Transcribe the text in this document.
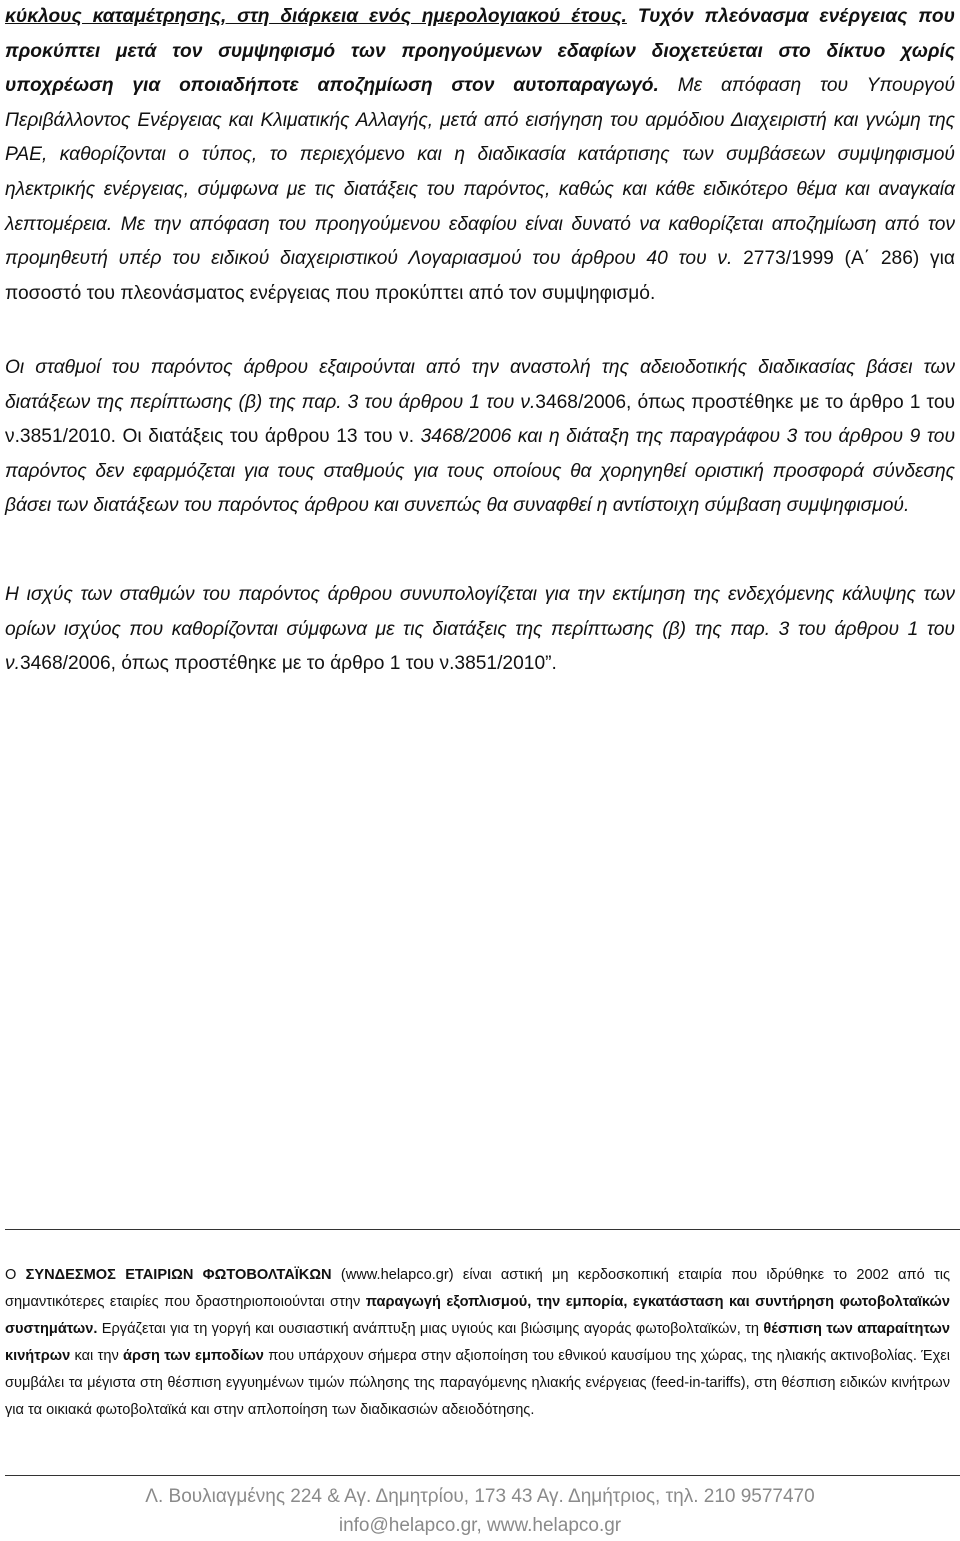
κύκλους καταμέτρησης, στη διάρκεια ενός ημερολογιακού έτους. Τυχόν πλεόνασμα ενέργειας που προκύπτει μετά τον συμψηφισμό των προηγούμενων εδαφίων διοχετεύεται στο δίκτυο χωρίς υποχρέωση για οποιαδήποτε αποζημίωση στον αυτοπαραγωγό. Με απόφαση του Υπουργού Περιβάλλοντος Ενέργειας και Κλιματικής Αλλαγής, μετά από εισήγηση του αρμόδιου Διαχειριστή και γνώμη της ΡΑΕ, καθορίζονται ο τύπος, το περιεχόμενο και η διαδικασία κατάρτισης των συμβάσεων συμψηφισμού ηλεκτρικής ενέργειας, σύμφωνα με τις διατάξεις του παρόντος, καθώς και κάθε ειδικότερο θέμα και αναγκαία λεπτομέρεια. Με την απόφαση του προηγούμενου εδαφίου είναι δυνατό να καθορίζεται αποζημίωση από τον προμηθευτή υπέρ του ειδικού διαχειριστικού Λογαριασμού του άρθρου 40 του ν. 2773/1999 (Α΄ 286) για ποσοστό του πλεονάσματος ενέργειας που προκύπτει από τον συμψηφισμό.

Οι σταθμοί του παρόντος άρθρου εξαιρούνται από την αναστολή της αδειοδοτικής διαδικασίας βάσει των διατάξεων της περίπτωσης (β) της παρ. 3 του άρθρου 1 του ν.3468/2006, όπως προστέθηκε με το άρθρο 1 του ν.3851/2010. Οι διατάξεις του άρθρου 13 του ν. 3468/2006 και η διάταξη της παραγράφου 3 του άρθρου 9 του παρόντος δεν εφαρμόζεται για τους σταθμούς για τους οποίους θα χορηγηθεί οριστική προσφορά σύνδεσης βάσει των διατάξεων του παρόντος άρθρου και συνεπώς θα συναφθεί η αντίστοιχη σύμβαση συμψηφισμού.

Η ισχύς των σταθμών του παρόντος άρθρου συνυπολογίζεται για την εκτίμηση της ενδεχόμενης κάλυψης των ορίων ισχύος που καθορίζονται σύμφωνα με τις διατάξεις της περίπτωσης (β) της παρ. 3 του άρθρου 1 του ν.3468/2006, όπως προστέθηκε με το άρθρο 1 του ν.3851/2010”.

Ο ΣΥΝΔΕΣΜΟΣ ΕΤΑΙΡΙΩΝ ΦΩΤΟΒΟΛΤΑΪΚΩΝ (www.helapco.gr) είναι αστική μη κερδοσκοπική εταιρία που ιδρύθηκε το 2002 από τις σημαντικότερες εταιρίες που δραστηριοποιούνται στην παραγωγή εξοπλισμού, την εμπορία, εγκατάσταση και συντήρηση φωτοβολταϊκών συστημάτων. Εργάζεται για τη γοργή και ουσιαστική ανάπτυξη μιας υγιούς και βιώσιμης αγοράς φωτοβολταϊκών, τη θέσπιση των απαραίτητων κινήτρων και την άρση των εμποδίων που υπάρχουν σήμερα στην αξιοποίηση του εθνικού καυσίμου της χώρας, της ηλιακής ακτινοβολίας. Έχει συμβάλει τα μέγιστα στη θέσπιση εγγυημένων τιμών πώλησης της παραγόμενης ηλιακής ενέργειας (feed-in-tariffs), στη θέσπιση ειδικών κινήτρων για τα οικιακά φωτοβολταϊκά και στην απλοποίηση των διαδικασιών αδειοδότησης.

Λ. Βουλιαγμένης 224 & Αγ. Δημητρίου, 173 43 Αγ. Δημήτριος, τηλ. 210 9577470

info@helapco.gr, www.helapco.gr
